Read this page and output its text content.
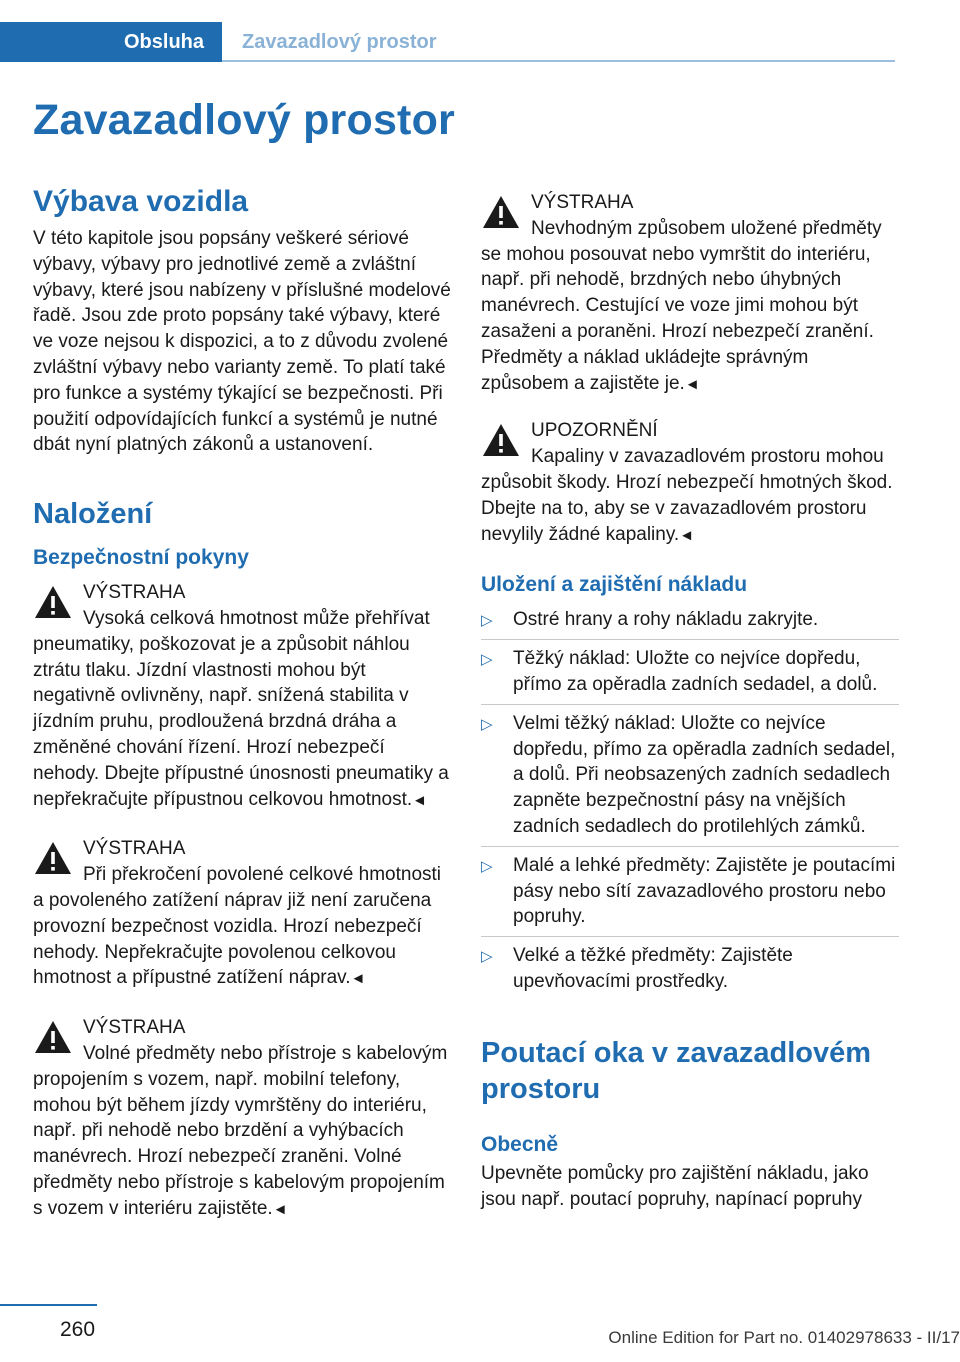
Obsluha	Zavazadlový prostor
Zavazadlový prostor
Výbava vozidla

V této kapitole jsou popsány veškeré sériové výbavy, výbavy pro jednotlivé země a zvláštní výbavy, které jsou nabízeny v příslušné modelové řadě. Jsou zde proto popsány také výbavy, které ve voze nejsou k dispozici, a to z důvodu zvolené zvláštní výbavy nebo varianty země. To platí také pro funkce a systémy týkající se bezpečnosti. Při použití odpovídajících funkcí a systémů je nutné dbát nyní platných zákonů a ustanovení.

Naložení
Bezpečnostní pokyny
VÝSTRAHA
Vysoká celková hmotnost může přehřívat pneumatiky, poškozovat je a způsobit náhlou ztrátu tlaku. Jízdní vlastnosti mohou být negativně ovlivněny, např. snížená stabilita v jízdním pruhu, prodloužená brzdná dráha a změněné chování řízení. Hrozí nebezpečí nehody. Dbejte přípustné únosnosti pneumatiky a nepřekračujte přípustnou celkovou hmotnost.◄
VÝSTRAHA
Při překročení povolené celkové hmotnosti a povoleného zatížení náprav již není zaručena provozní bezpečnost vozidla. Hrozí nebezpečí nehody. Nepřekračujte povolenou celkovou hmotnost a přípustné zatížení náprav.◄
VÝSTRAHA
Volné předměty nebo přístroje s kabelovým propojením s vozem, např. mobilní telefony, mohou být během jízdy vymrštěny do interiéru, např. při nehodě nebo brzdění a vyhýbacích manévrech. Hrozí nebezpečí zraněni. Volné předměty nebo přístroje s kabelovým propojením s vozem v interiéru zajistěte.◄
VÝSTRAHA
Nevhodným způsobem uložené předměty se mohou posouvat nebo vymrštit do interiéru, např. při nehodě, brzdných nebo úhybných manévrech. Cestující ve voze jimi mohou být zasaženi a poraněni. Hrozí nebezpečí zranění. Předměty a náklad ukládejte správným způsobem a zajistěte je.◄
UPOZORNĚNÍ
Kapaliny v zavazadlovém prostoru mohou způsobit škody. Hrozí nebezpečí hmotných škod. Dbejte na to, aby se v zavazadlovém prostoru nevylily žádné kapaliny.◄
Uložení a zajištění nákladu
▷ Ostré hrany a rohy nákladu zakryjte.
▷ Těžký náklad: Uložte co nejvíce dopředu, přímo za opěradla zadních sedadel, a dolů.
▷ Velmi těžký náklad: Uložte co nejvíce dopředu, přímo za opěradla zadních sedadel, a dolů. Při neobsazených zadních sedadlech zapněte bezpečnostní pásy na vnějších zadních sedadlech do protilehlých zámků.
▷ Malé a lehké předměty: Zajistěte je poutacími pásy nebo sítí zavazadlového prostoru nebo popruhy.
▷ Velké a těžké předměty: Zajistěte upevňovacími prostředky.
Poutací oka v zavazadlovém prostoru
Obecně

Upevněte pomůcky pro zajištění nákladu, jako jsou např. poutací popruhy, napínací popruhy

260	Online Edition for Part no. 01402978633 - II/17
